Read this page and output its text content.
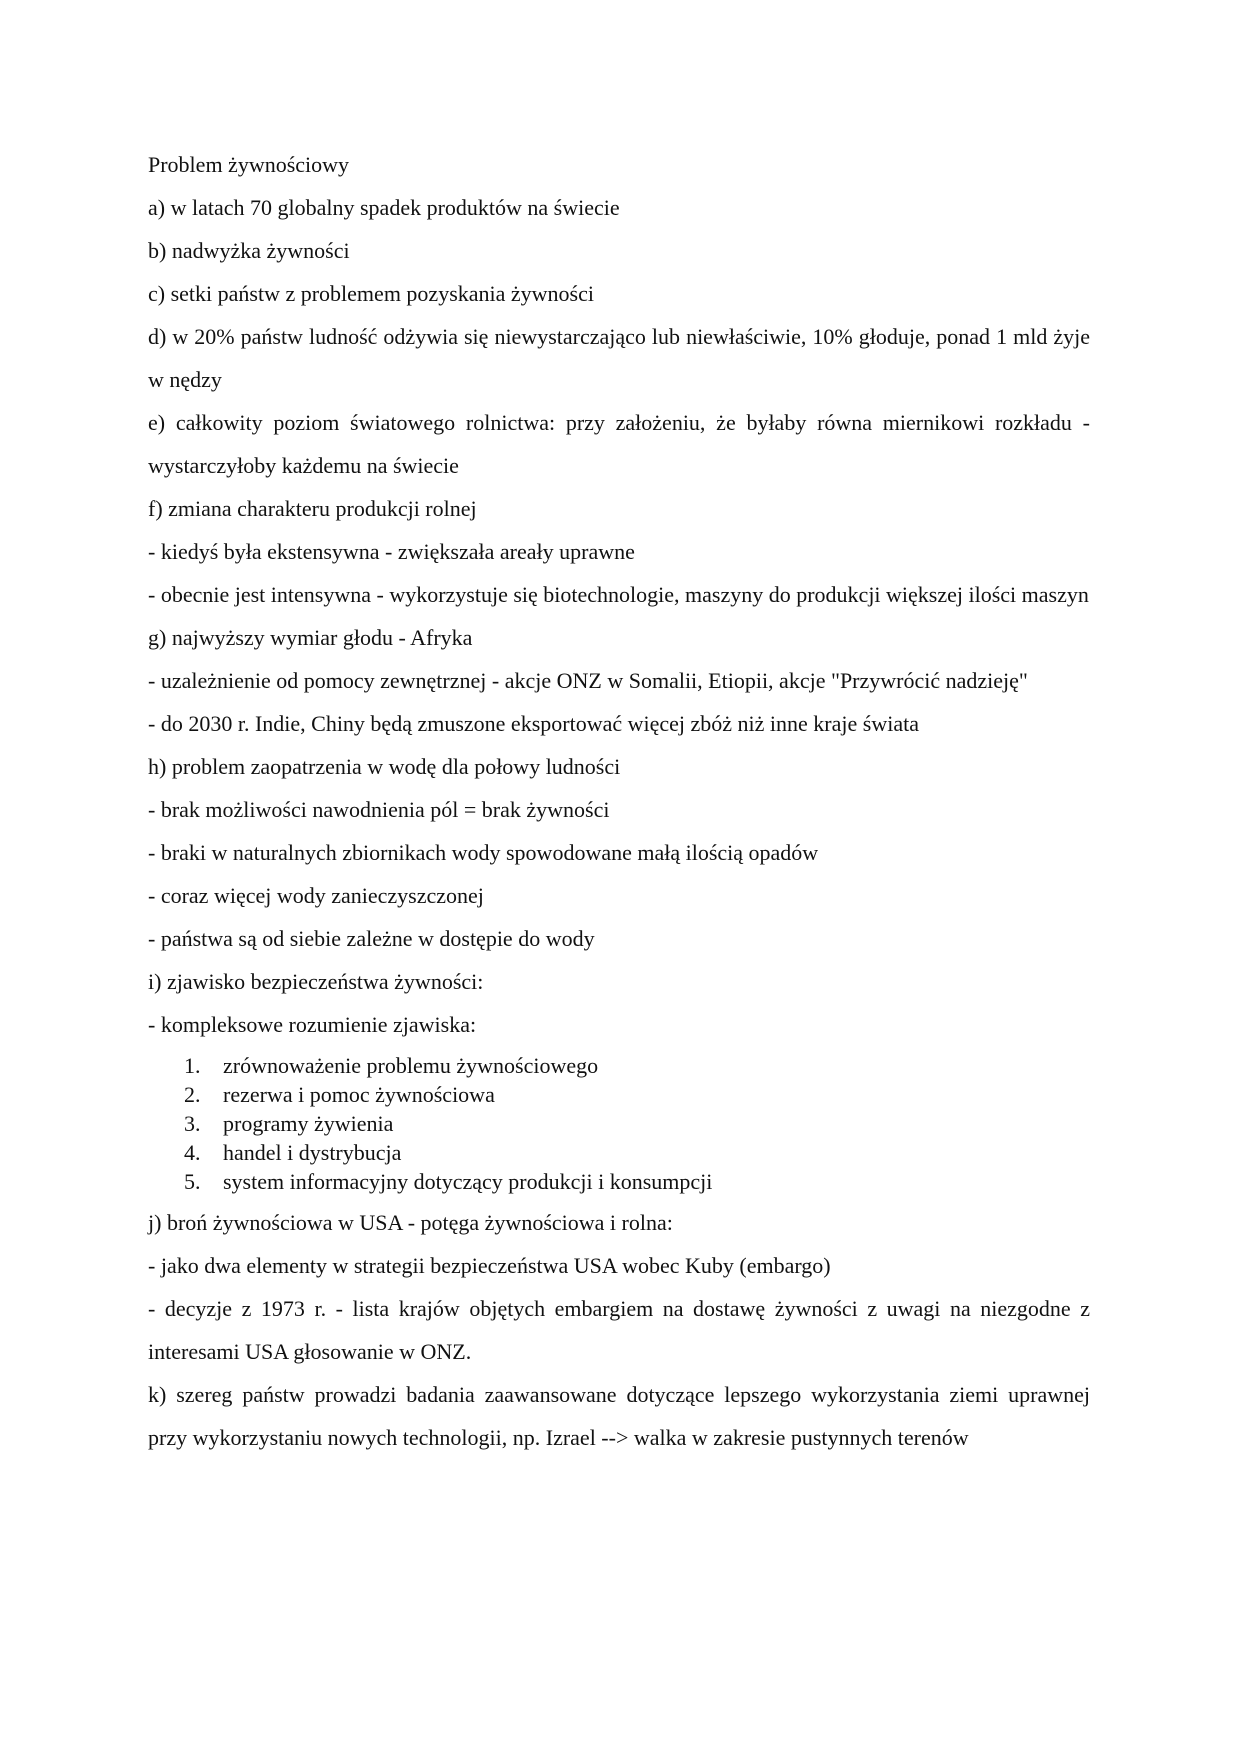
Problem żywnościowy

a) w latach 70 globalny spadek produktów na świecie

b) nadwyżka żywności

c) setki państw z problemem pozyskania żywności

d) w 20% państw ludność odżywia się niewystarczająco lub niewłaściwie, 10% głoduje, ponad 1 mld żyje w nędzy

e) całkowity poziom światowego rolnictwa: przy założeniu, że byłaby równa miernikowi rozkładu - wystarczyłoby każdemu na świecie

f) zmiana charakteru produkcji rolnej

- kiedyś była ekstensywna - zwiększała areały uprawne

- obecnie jest intensywna - wykorzystuje się biotechnologie, maszyny do produkcji większej ilości maszyn

g) najwyższy wymiar głodu - Afryka

- uzależnienie od pomocy zewnętrznej - akcje ONZ w Somalii, Etiopii, akcje "Przywrócić nadzieję"

- do 2030 r. Indie, Chiny będą zmuszone eksportować więcej zbóż niż inne kraje świata

h) problem zaopatrzenia w wodę dla połowy ludności

- brak możliwości nawodnienia pól = brak żywności

- braki w naturalnych zbiornikach wody spowodowane małą ilością opadów

- coraz więcej wody zanieczyszczonej

- państwa są od siebie zależne w dostępie do wody

i) zjawisko bezpieczeństwa żywności:

- kompleksowe rozumienie zjawiska:

1.	zrównoważenie problemu żywnościowego
2.	rezerwa i pomoc żywnościowa
3.	programy żywienia
4.	handel i dystrybucja
5.	system informacyjny dotyczący produkcji i konsumpcji

j) broń żywnościowa w USA - potęga żywnościowa i rolna:

- jako dwa elementy w strategii bezpieczeństwa USA wobec Kuby (embargo)

- decyzje z 1973 r. - lista krajów objętych embargiem na dostawę żywności z uwagi na niezgodne z interesami USA głosowanie w ONZ.

k) szereg państw prowadzi badania zaawansowane dotyczące lepszego wykorzystania ziemi uprawnej przy wykorzystaniu nowych technologii, np. Izrael --> walka w zakresie pustynnych terenów
